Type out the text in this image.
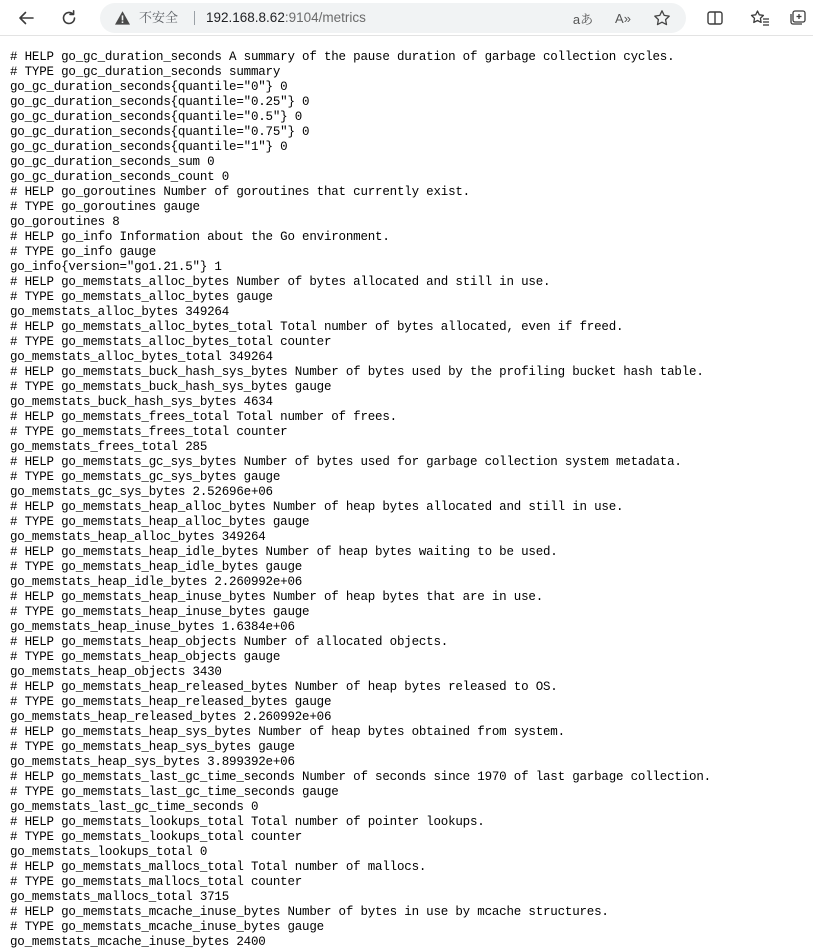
不安全 192.168.8.62:9104/metrics	aあ A»
# HELP go_gc_duration_seconds A summary of the pause duration of garbage collection cycles.
# TYPE go_gc_duration_seconds summary
go_gc_duration_seconds{quantile="0"} 0
go_gc_duration_seconds{quantile="0.25"} 0
go_gc_duration_seconds{quantile="0.5"} 0
go_gc_duration_seconds{quantile="0.75"} 0
go_gc_duration_seconds{quantile="1"} 0
go_gc_duration_seconds_sum 0
go_gc_duration_seconds_count 0
# HELP go_goroutines Number of goroutines that currently exist.
# TYPE go_goroutines gauge
go_goroutines 8
# HELP go_info Information about the Go environment.
# TYPE go_info gauge
go_info{version="go1.21.5"} 1
# HELP go_memstats_alloc_bytes Number of bytes allocated and still in use.
# TYPE go_memstats_alloc_bytes gauge
go_memstats_alloc_bytes 349264
# HELP go_memstats_alloc_bytes_total Total number of bytes allocated, even if freed.
# TYPE go_memstats_alloc_bytes_total counter
go_memstats_alloc_bytes_total 349264
# HELP go_memstats_buck_hash_sys_bytes Number of bytes used by the profiling bucket hash table.
# TYPE go_memstats_buck_hash_sys_bytes gauge
go_memstats_buck_hash_sys_bytes 4634
# HELP go_memstats_frees_total Total number of frees.
# TYPE go_memstats_frees_total counter
go_memstats_frees_total 285
# HELP go_memstats_gc_sys_bytes Number of bytes used for garbage collection system metadata.
# TYPE go_memstats_gc_sys_bytes gauge
go_memstats_gc_sys_bytes 2.52696e+06
# HELP go_memstats_heap_alloc_bytes Number of heap bytes allocated and still in use.
# TYPE go_memstats_heap_alloc_bytes gauge
go_memstats_heap_alloc_bytes 349264
# HELP go_memstats_heap_idle_bytes Number of heap bytes waiting to be used.
# TYPE go_memstats_heap_idle_bytes gauge
go_memstats_heap_idle_bytes 2.260992e+06
# HELP go_memstats_heap_inuse_bytes Number of heap bytes that are in use.
# TYPE go_memstats_heap_inuse_bytes gauge
go_memstats_heap_inuse_bytes 1.6384e+06
# HELP go_memstats_heap_objects Number of allocated objects.
# TYPE go_memstats_heap_objects gauge
go_memstats_heap_objects 3430
# HELP go_memstats_heap_released_bytes Number of heap bytes released to OS.
# TYPE go_memstats_heap_released_bytes gauge
go_memstats_heap_released_bytes 2.260992e+06
# HELP go_memstats_heap_sys_bytes Number of heap bytes obtained from system.
# TYPE go_memstats_heap_sys_bytes gauge
go_memstats_heap_sys_bytes 3.899392e+06
# HELP go_memstats_last_gc_time_seconds Number of seconds since 1970 of last garbage collection.
# TYPE go_memstats_last_gc_time_seconds gauge
go_memstats_last_gc_time_seconds 0
# HELP go_memstats_lookups_total Total number of pointer lookups.
# TYPE go_memstats_lookups_total counter
go_memstats_lookups_total 0
# HELP go_memstats_mallocs_total Total number of mallocs.
# TYPE go_memstats_mallocs_total counter
go_memstats_mallocs_total 3715
# HELP go_memstats_mcache_inuse_bytes Number of bytes in use by mcache structures.
# TYPE go_memstats_mcache_inuse_bytes gauge
go_memstats_mcache_inuse_bytes 2400
